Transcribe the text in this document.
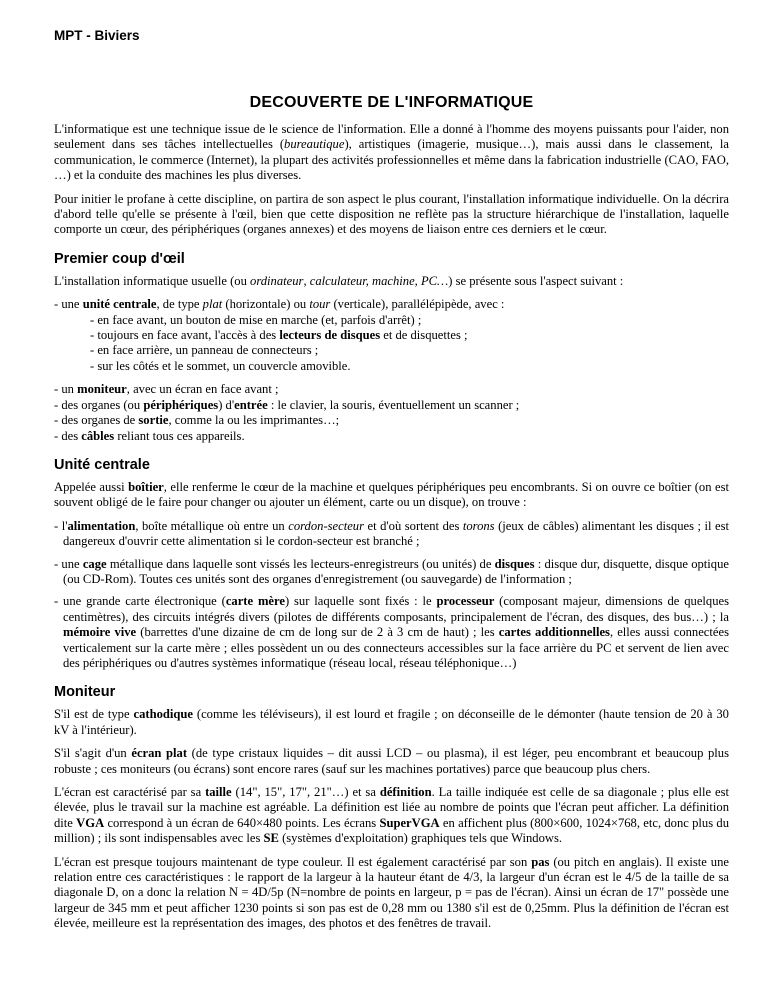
MPT - Biviers
DECOUVERTE DE L'INFORMATIQUE

L'informatique est une technique issue de le science de l'information. Elle a donné à l'homme des moyens puissants pour l'aider, non seulement dans ses tâches intellectuelles (bureautique), artistiques (imagerie, musique…), mais aussi dans le classement, la communication, le commerce (Internet), la plupart des activités professionnelles et même dans la fabrication industrielle (CAO, FAO, …) et la conduite des machines les plus diverses.

Pour initier le profane à cette discipline, on partira de son aspect le plus courant, l'installation informatique individuelle. On la décrira d'abord telle qu'elle se présente à l'œil, bien que cette disposition ne reflète pas la structure hiérarchique de l'installation, laquelle comporte un cœur, des périphériques (organes annexes) et des moyens de liaison entre ces derniers et le cœur.

Premier coup d'œil

L'installation informatique usuelle (ou ordinateur, calculateur, machine, PC…) se présente sous l'aspect suivant :

- une unité centrale, de type plat (horizontale) ou tour (verticale), parallélépipède, avec :
- en face avant, un bouton de mise en marche (et, parfois d'arrêt) ;
- toujours en face avant, l'accès à des lecteurs de disques et de disquettes ;
- en face arrière, un panneau de connecteurs ;
- sur les côtés et le sommet, un couvercle amovible.
- un moniteur, avec un écran en face avant ;
- des organes (ou périphériques) d'entrée : le clavier, la souris, éventuellement un scanner ;
- des organes de sortie, comme la ou les imprimantes…;
- des câbles reliant tous ces appareils.
Unité centrale

Appelée aussi boîtier, elle renferme le cœur de la machine et quelques périphériques peu encombrants. Si on ouvre ce boîtier (on est souvent obligé de le faire pour changer ou ajouter un élément, carte ou un disque), on trouve :

- l'alimentation, boîte métallique où entre un cordon-secteur et d'où sortent des torons (jeux de câbles) alimentant les disques ; il est dangereux d'ouvrir cette alimentation si le cordon-secteur est branché ;
- une cage métallique dans laquelle sont vissés les lecteurs-enregistreurs (ou unités) de disques : disque dur, disquette, disque optique (ou CD-Rom). Toutes ces unités sont des organes d'enregistrement (ou sauvegarde) de l'information ;
- une grande carte électronique (carte mère) sur laquelle sont fixés : le processeur (composant majeur, dimensions de quelques centimètres), des circuits intégrés divers (pilotes de différents composants, principalement de l'écran, des disques, des bus…) ; la mémoire vive (barrettes d'une dizaine de cm de long sur de 2 à 3 cm de haut) ; les cartes additionnelles, elles aussi connectées verticalement sur la carte mère ; elles possèdent un ou des connecteurs accessibles sur la face arrière du PC et servent de lien avec des périphériques ou d'autres systèmes informatique (réseau local, réseau téléphonique…)
Moniteur

S'il est de type cathodique (comme les téléviseurs), il est lourd et fragile ; on déconseille de le démonter (haute tension de 20 à 30 kV à l'intérieur).

S'il s'agit d'un écran plat (de type cristaux liquides – dit aussi LCD – ou plasma), il est léger, peu encombrant et beaucoup plus robuste ; ces moniteurs (ou écrans) sont encore rares (sauf sur les machines portatives) parce que beaucoup plus chers.

L'écran est caractérisé par sa taille (14", 15", 17", 21"…) et sa définition. La taille indiquée est celle de sa diagonale ; plus elle est élevée, plus le travail sur la machine est agréable. La définition est liée au nombre de points que l'écran peut afficher. La définition dite VGA correspond à un écran de 640×480 points. Les écrans SuperVGA en affichent plus (800×600, 1024×768, etc, donc plus du million) ; ils sont indispensables avec les SE (systèmes d'exploitation) graphiques tels que Windows.

L'écran est presque toujours maintenant de type couleur. Il est également caractérisé par son pas (ou pitch en anglais). Il existe une relation entre ces caractéristiques : le rapport de la largeur à la hauteur étant de 4/3, la largeur d'un écran est le 4/5 de la taille de sa diagonale D, on a donc la relation N = 4D/5p (N=nombre de points en largeur, p = pas de l'écran). Ainsi un écran de 17" possède une largeur de 345 mm et peut afficher 1230 points si son pas est de 0,28 mm ou 1380 s'il est de 0,25mm. Plus la définition de l'écran est élevée, meilleure est la représentation des images, des photos et des fenêtres de travail.
